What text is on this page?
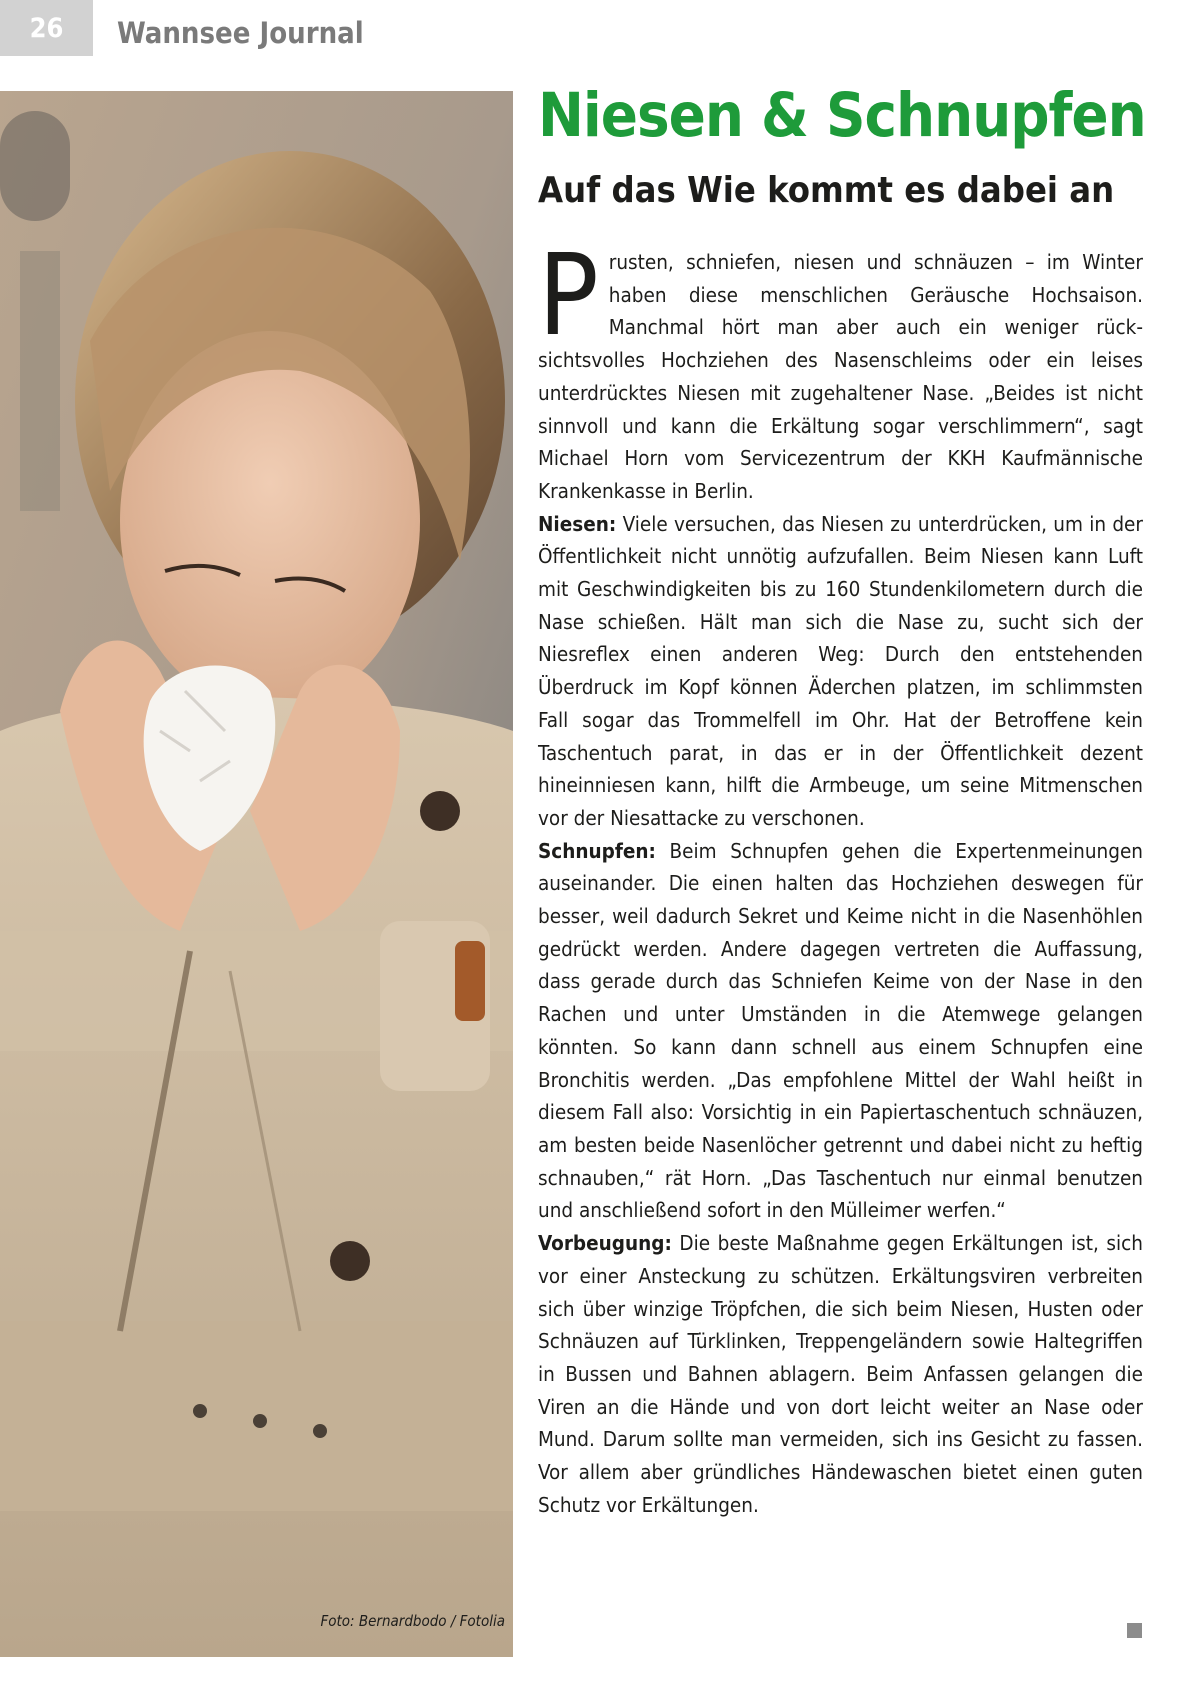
26	Wannsee Journal
Foto: Bernardbodo / Fotolia
Niesen & Schnupfen
Auf das Wie kommt es dabei an

Prusten, schniefen, niesen und schnäuzen – im Winter haben diese menschlichen Geräusche Hochsaison. Manchmal hört man aber auch ein weniger rücksichtsvolles Hochziehen des Nasenschleims oder ein leises unterdrücktes Niesen mit zugehaltener Nase. „Beides ist nicht sinnvoll und kann die Erkältung sogar verschlimmern“, sagt Michael Horn vom Servicezentrum der KKH Kaufmännische Krankenkasse in Berlin.

Niesen: Viele versuchen, das Niesen zu unterdrücken, um in der Öffentlichkeit nicht unnötig aufzufallen. Beim Niesen kann Luft mit Geschwindigkeiten bis zu 160 Stundenkilometern durch die Nase schießen. Hält man sich die Nase zu, sucht sich der Niesreflex einen anderen Weg: Durch den entstehenden Überdruck im Kopf können Äderchen platzen, im schlimmsten Fall sogar das Trommelfell im Ohr. Hat der Betroffene kein Taschentuch parat, in das er in der Öffentlichkeit dezent hineinniesen kann, hilft die Armbeuge, um seine Mitmenschen vor der Niesattacke zu verschonen.

Schnupfen: Beim Schnupfen gehen die Expertenmeinungen auseinander. Die einen halten das Hochziehen deswegen für besser, weil dadurch Sekret und Keime nicht in die Nasenhöhlen gedrückt werden. Andere dagegen vertreten die Auffassung, dass gerade durch das Schniefen Keime von der Nase in den Rachen und unter Umständen in die Atemwege gelangen könnten. So kann dann schnell aus einem Schnupfen eine Bronchitis werden. „Das empfohlene Mittel der Wahl heißt in diesem Fall also: Vorsichtig in ein Papiertaschentuch schnäuzen, am besten beide Nasenlöcher getrennt und dabei nicht zu heftig schnauben,“ rät Horn. „Das Taschentuch nur einmal benutzen und anschließend sofort in den Mülleimer werfen.“

Vorbeugung: Die beste Maßnahme gegen Erkältungen ist, sich vor einer Ansteckung zu schützen. Erkältungsviren verbreiten sich über winzige Tröpfchen, die sich beim Niesen, Husten oder Schnäuzen auf Türklinken, Treppengeländern sowie Haltegriffen in Bussen und Bahnen ablagern. Beim Anfassen gelangen die Viren an die Hände und von dort leicht weiter an Nase oder Mund. Darum sollte man vermeiden, sich ins Gesicht zu fassen. Vor allem aber gründliches Händewaschen bietet einen guten Schutz vor Erkältungen.
